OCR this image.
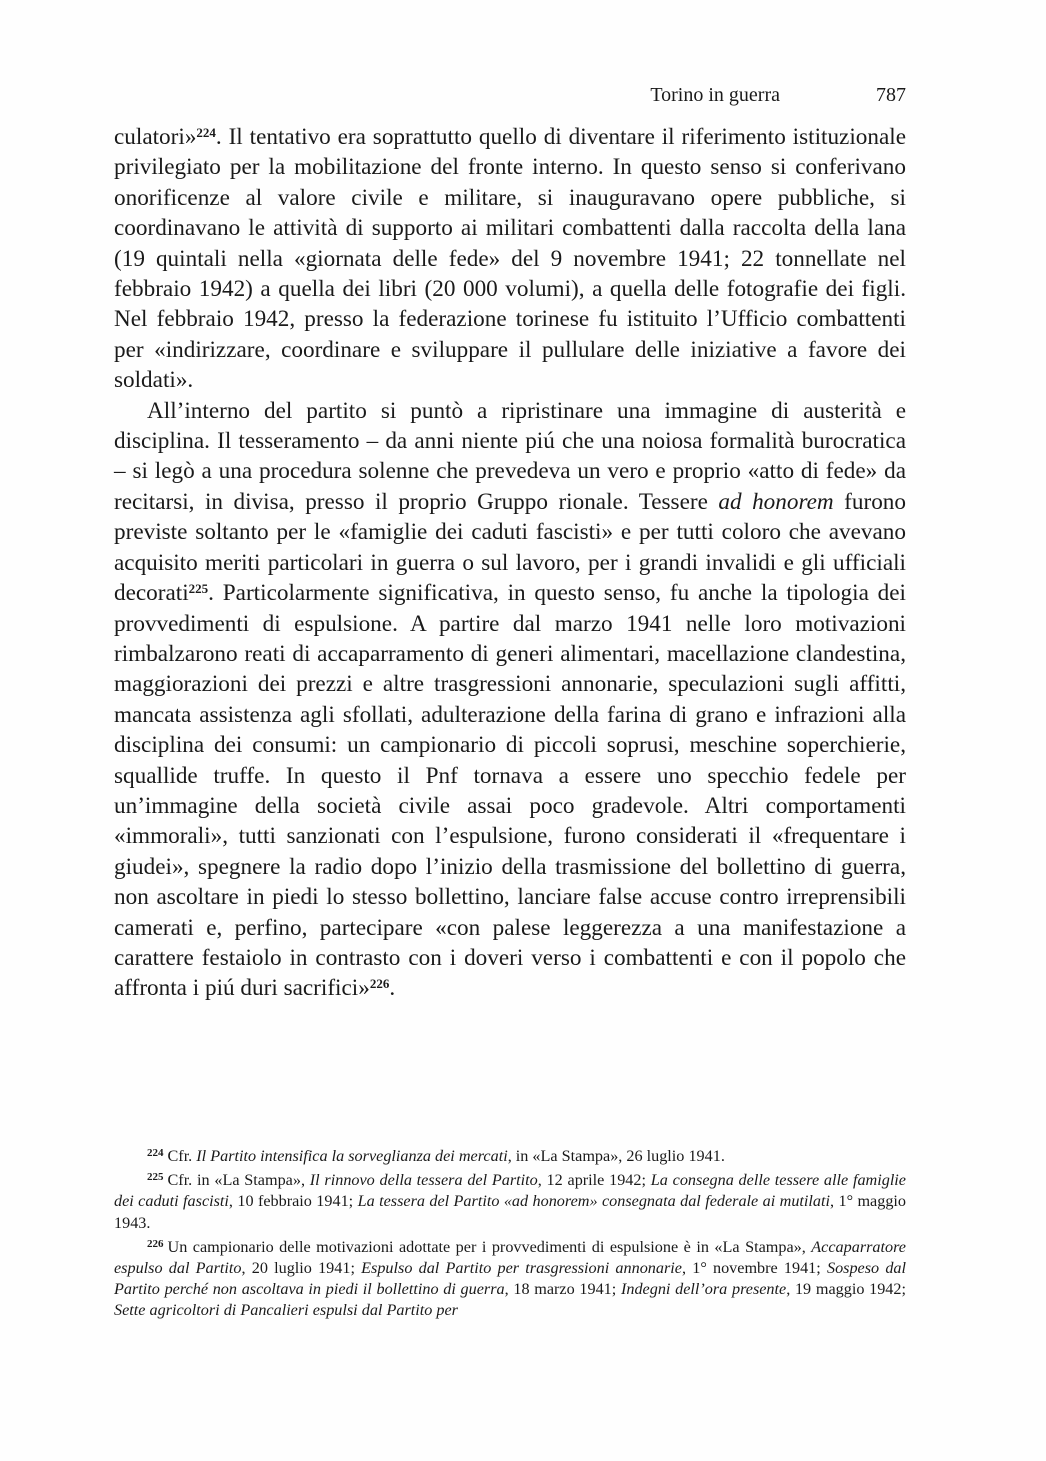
Torino in guerra	787

culatori»$^{224}$. Il tentativo era soprattutto quello di diventare il riferimento istituzionale privilegiato per la mobilitazione del fronte interno. In questo senso si conferivano onorificenze al valore civile e militare, si inauguravano opere pubbliche, si coordinavano le attività di supporto ai militari combattenti dalla raccolta della lana (19 quintali nella «giornata delle fede» del 9 novembre 1941; 22 tonnellate nel febbraio 1942) a quella dei libri (20 000 volumi), a quella delle fotografie dei figli. Nel febbraio 1942, presso la federazione torinese fu istituito l’Ufficio combattenti per «indirizzare, coordinare e sviluppare il pullulare delle iniziative a favore dei soldati».

All’interno del partito si puntò a ripristinare una immagine di austerità e disciplina. Il tesseramento – da anni niente piú che una noiosa formalità burocratica – si legò a una procedura solenne che prevedeva un vero e proprio «atto di fede» da recitarsi, in divisa, presso il proprio Gruppo rionale. Tessere ad honorem furono previste soltanto per le «famiglie dei caduti fascisti» e per tutti coloro che avevano acquisito meriti particolari in guerra o sul lavoro, per i grandi invalidi e gli ufficiali decorati$^{225}$. Particolarmente significativa, in questo senso, fu anche la tipologia dei provvedimenti di espulsione. A partire dal marzo 1941 nelle loro motivazioni rimbalzarono reati di accaparramento di generi alimentari, macellazione clandestina, maggiorazioni dei prezzi e altre trasgressioni annonarie, speculazioni sugli affitti, mancata assistenza agli sfollati, adulterazione della farina di grano e infrazioni alla disciplina dei consumi: un campionario di piccoli soprusi, meschine soperchierie, squallide truffe. In questo il Pnf tornava a essere uno specchio fedele per un’immagine della società civile assai poco gradevole. Altri comportamenti «immorali», tutti sanzionati con l’espulsione, furono considerati il «frequentare i giudei», spegnere la radio dopo l’inizio della trasmissione del bollettino di guerra, non ascoltare in piedi lo stesso bollettino, lanciare false accuse contro irreprensibili camerati e, perfino, partecipare «con palese leggerezza a una manifestazione a carattere festaiolo in contrasto con i doveri verso i combattenti e con il popolo che affronta i piú duri sacrifici»$^{226}$.

$^{224}$ Cfr. Il Partito intensifica la sorveglianza dei mercati, in «La Stampa», 26 luglio 1941.

$^{225}$ Cfr. in «La Stampa», Il rinnovo della tessera del Partito, 12 aprile 1942; La consegna delle tessere alle famiglie dei caduti fascisti, 10 febbraio 1941; La tessera del Partito «ad honorem» consegnata dal federale ai mutilati, 1° maggio 1943.

$^{226}$ Un campionario delle motivazioni adottate per i provvedimenti di espulsione è in «La Stampa», Accaparratore espulso dal Partito, 20 luglio 1941; Espulso dal Partito per trasgressioni annonarie, 1° novembre 1941; Sospeso dal Partito perché non ascoltava in piedi il bollettino di guerra, 18 marzo 1941; Indegni dell’ora presente, 19 maggio 1942; Sette agricoltori di Pancalieri espulsi dal Partito per
